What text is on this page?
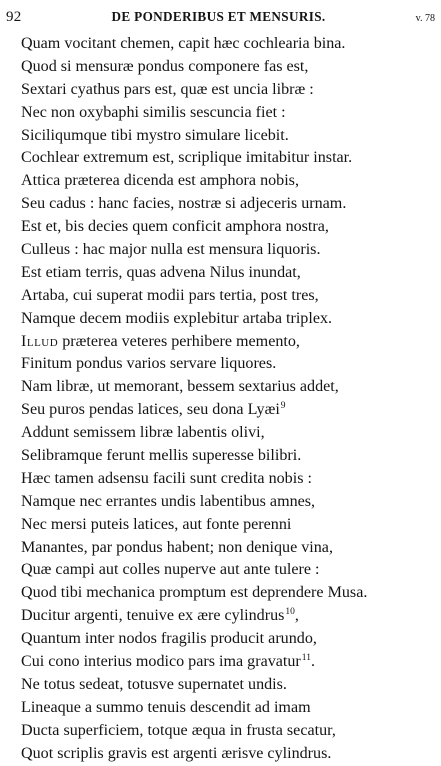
92	DE PONDERIBUS ET MENSURIS.	v. 78
Quam vocitant chemen, capit hæc cochlearia bina.
Quod si mensuræ pondus componere fas est,
Sextari cyathus pars est, quæ est uncia libræ :
Nec non oxybaphi similis sescuncia fiet :
Siciliqumque tibi mystro simulare licebit.
Cochlear extremum est, scriplique imitabitur instar.
Attica præterea dicenda est amphora nobis,
Seu cadus : hanc facies, nostræ si adjeceris urnam.
Est et, bis decies quem conficit amphora nostra,
Culleus : hac major nulla est mensura liquoris.
Est etiam terris, quas advena Nilus inundat,
Artaba, cui superat modii pars tertia, post tres,
Namque decem modiis explebitur artaba triplex.
Illud præterea veteres perhibere memento,
Finitum pondus varios servare liquores.
Nam libræ, ut memorant, bessem sextarius addet,
Seu puros pendas latices, seu dona Lyæi$^9$
Addunt semissem libræ labentis olivi,
Selibramque ferunt mellis superesse bilibri.
Hæc tamen adsensu facili sunt credita nobis :
Namque nec errantes undis labentibus amnes,
Nec mersi puteis latices, aut fonte perenni
Manantes, par pondus habent; non denique vina,
Quæ campi aut colles nuperve aut ante tulere :
Quod tibi mechanica promptum est deprendere Musa.
Ducitur argenti, tenuive ex ære cylindrus$^{10}$,
Quantum inter nodos fragilis producit arundo,
Cui cono interius modico pars ima gravatur$^{11}$.
Ne totus sedeat, totusve supernatet undis.
Lineaque a summo tenuis descendit ad imam
Ducta superficiem, totque æqua in frusta secatur,
Quot scriplis gravis est argenti ærisve cylindrus.
